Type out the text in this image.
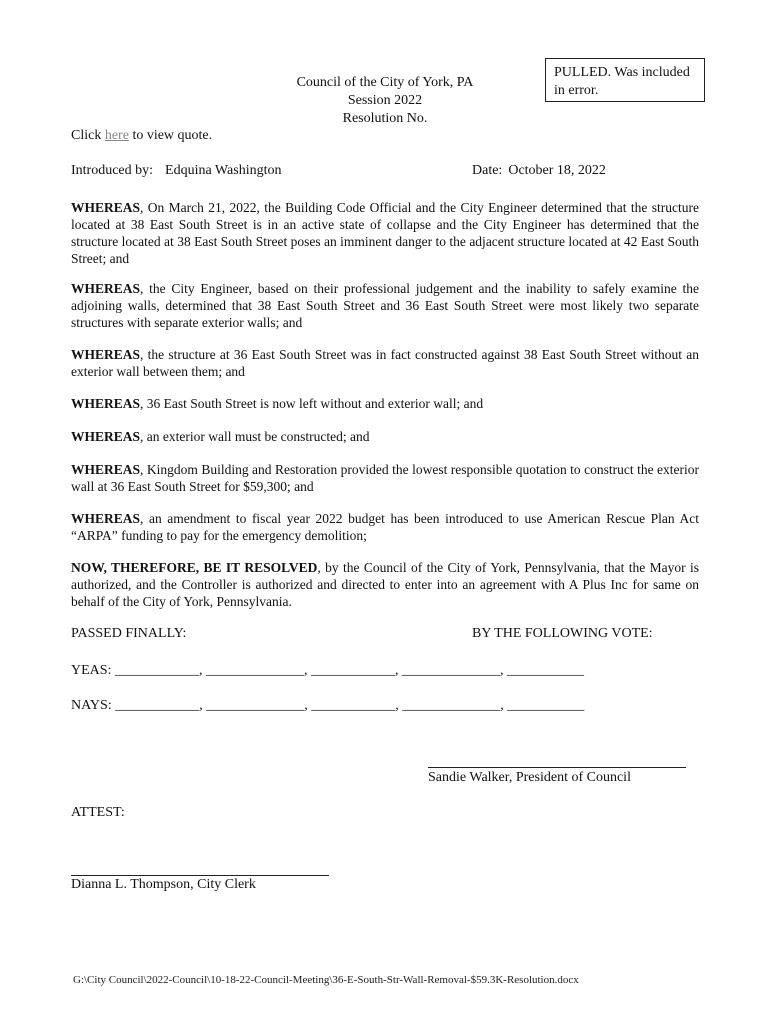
PULLED. Was included in error.
Council of the City of York, PA
Session 2022
Resolution No.
Click here to view quote.
Introduced by: Edquina Washington	Date: October 18, 2022
WHEREAS, On March 21, 2022, the Building Code Official and the City Engineer determined that the structure located at 38 East South Street is in an active state of collapse and the City Engineer has determined that the structure located at 38 East South Street poses an imminent danger to the adjacent structure located at 42 East South Street; and
WHEREAS, the City Engineer, based on their professional judgement and the inability to safely examine the adjoining walls, determined that 38 East South Street and 36 East South Street were most likely two separate structures with separate exterior walls; and
WHEREAS, the structure at 36 East South Street was in fact constructed against 38 East South Street without an exterior wall between them; and
WHEREAS, 36 East South Street is now left without and exterior wall; and
WHEREAS, an exterior wall must be constructed; and
WHEREAS, Kingdom Building and Restoration provided the lowest responsible quotation to construct the exterior wall at 36 East South Street for $59,300; and
WHEREAS, an amendment to fiscal year 2022 budget has been introduced to use American Rescue Plan Act “ARPA” funding to pay for the emergency demolition;
NOW, THEREFORE, BE IT RESOLVED, by the Council of the City of York, Pennsylvania, that the Mayor is authorized, and the Controller is authorized and directed to enter into an agreement with A Plus Inc for same on behalf of the City of York, Pennsylvania.
PASSED FINALLY:	BY THE FOLLOWING VOTE:
YEAS: ____________, ______________, ____________, ______________, ___________
NAYS: ____________, ______________, ____________, ______________, ___________
Sandie Walker, President of Council
ATTEST:
Dianna L. Thompson, City Clerk
G:\City Council\2022-Council\10-18-22-Council-Meeting\36-E-South-Str-Wall-Removal-$59.3K-Resolution.docx
